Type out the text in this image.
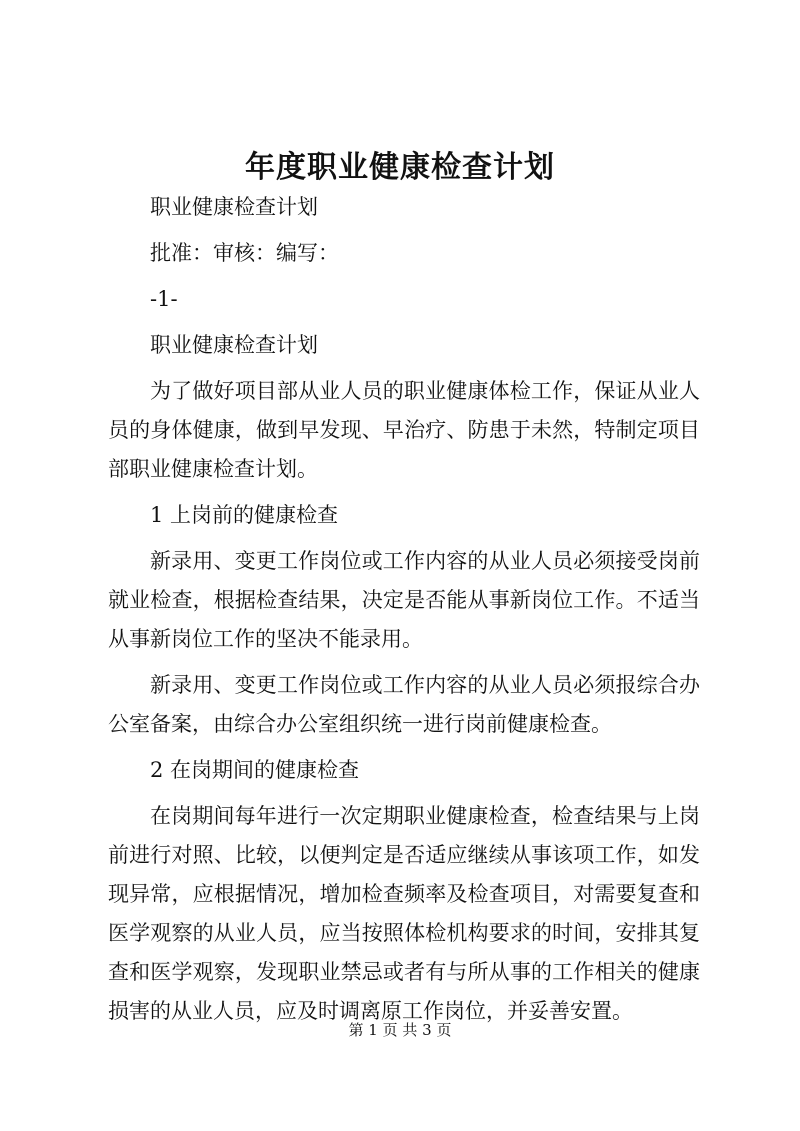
年度职业健康检查计划

职业健康检查计划

批准：审核：编写：

-1-

职业健康检查计划

为了做好项目部从业人员的职业健康体检工作，保证从业人员的身体健康，做到早发现、早治疗、防患于未然，特制定项目部职业健康检查计划。

1 上岗前的健康检查

新录用、变更工作岗位或工作内容的从业人员必须接受岗前就业检查，根据检查结果，决定是否能从事新岗位工作。不适当从事新岗位工作的坚决不能录用。

新录用、变更工作岗位或工作内容的从业人员必须报综合办公室备案，由综合办公室组织统一进行岗前健康检查。

2 在岗期间的健康检查

在岗期间每年进行一次定期职业健康检查，检查结果与上岗前进行对照、比较，以便判定是否适应继续从事该项工作，如发现异常，应根据情况，增加检查频率及检查项目，对需要复查和医学观察的从业人员，应当按照体检机构要求的时间，安排其复查和医学观察，发现职业禁忌或者有与所从事的工作相关的健康损害的从业人员，应及时调离原工作岗位，并妥善安置。

第 1 页 共 3 页
